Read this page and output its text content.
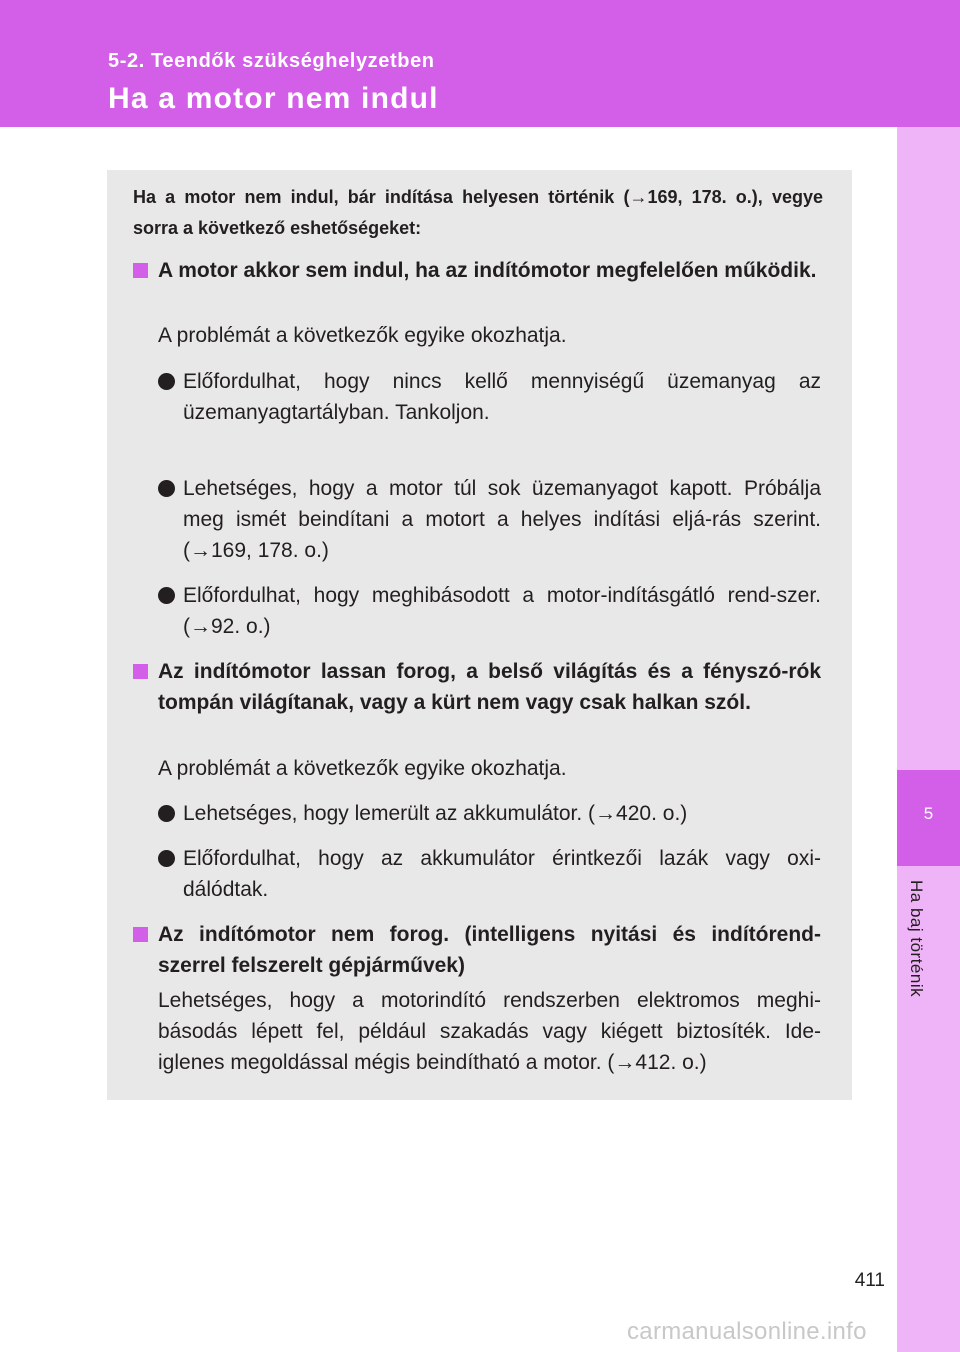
5-2. Teendők szükséghelyzetben
Ha a motor nem indul
5
Ha baj történik
Ha a motor nem indul, bár indítása helyesen történik (→169, 178. o.), vegye sorra a következő eshetőségeket:
A motor akkor sem indul, ha az indítómotor megfelelően működik.
A problémát a következők egyike okozhatja.
Előfordulhat, hogy nincs kellő mennyiségű üzemanyag az üzemanyagtartályban. Tankoljon.
Lehetséges, hogy a motor túl sok üzemanyagot kapott. Próbálja meg ismét beindítani a motort a helyes indítási eljá-rás szerint. (→169, 178. o.)
Előfordulhat, hogy meghibásodott a motor-indításgátló rend-szer. (→92. o.)
Az indítómotor lassan forog, a belső világítás és a fényszó-rók tompán világítanak, vagy a kürt nem vagy csak halkan szól.
A problémát a következők egyike okozhatja.
Lehetséges, hogy lemerült az akkumulátor. (→420. o.)
Előfordulhat, hogy az akkumulátor érintkezői lazák vagy oxi-dálódtak.
Az indítómotor nem forog. (intelligens nyitási és indítórend-szerrel felszerelt gépjárművek)
Lehetséges, hogy a motorindító rendszerben elektromos meghi-básodás lépett fel, például szakadás vagy kiégett biztosíték. Ide-iglenes megoldással mégis beindítható a motor. (→412. o.)
411
carmanualsonline.info
